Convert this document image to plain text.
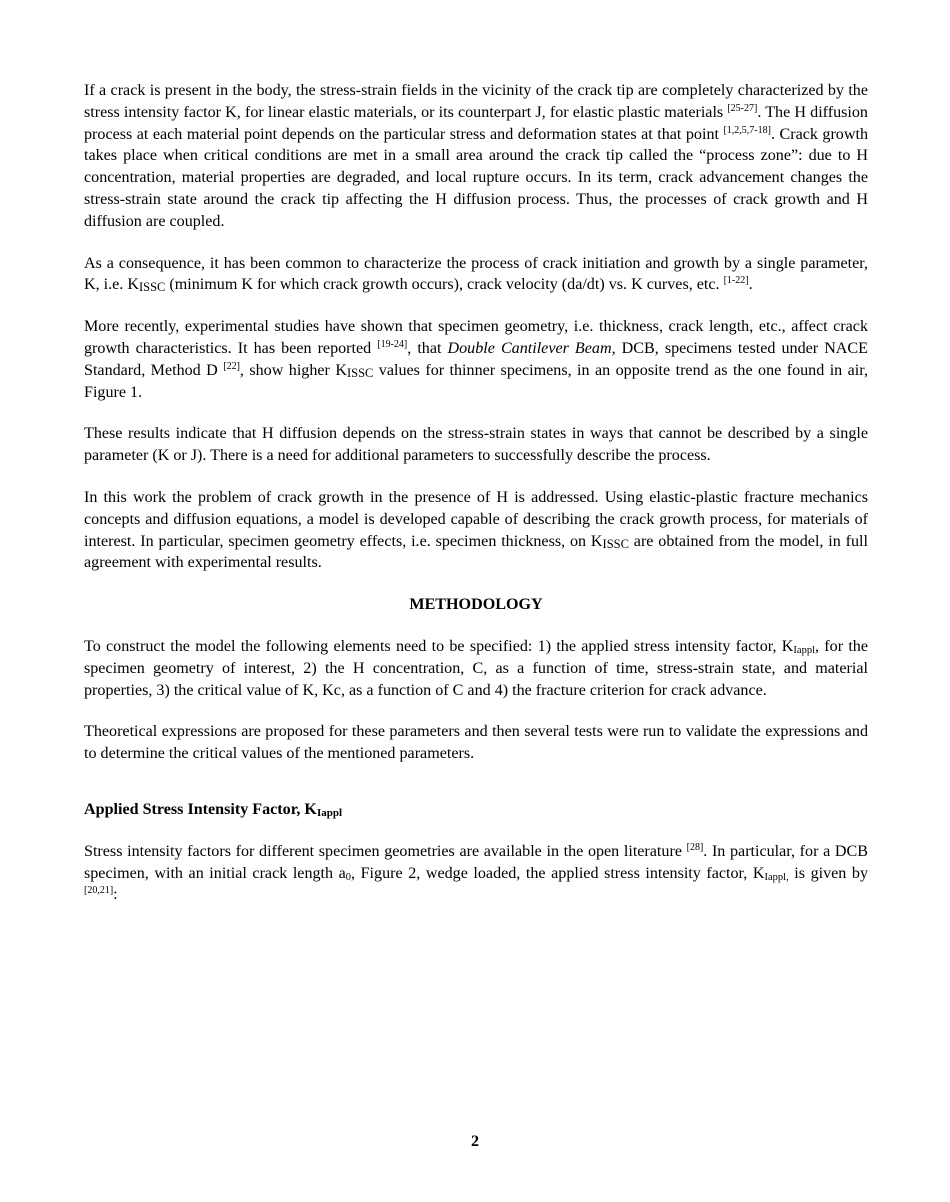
If a crack is present in the body, the stress-strain fields in the vicinity of the crack tip are completely characterized by the stress intensity factor K, for linear elastic materials, or its counterpart J, for elastic plastic materials [25-27]. The H diffusion process at each material point depends on the particular stress and deformation states at that point [1,2,5,7-18]. Crack growth takes place when critical conditions are met in a small area around the crack tip called the “process zone”: due to H concentration, material properties are degraded, and local rupture occurs. In its term, crack advancement changes the stress-strain state around the crack tip affecting the H diffusion process. Thus, the processes of crack growth and H diffusion are coupled.

As a consequence, it has been common to characterize the process of crack initiation and growth by a single parameter, K, i.e. $K_{ISSC}$ (minimum K for which crack growth occurs), crack velocity (da/dt) vs. K curves, etc. [1-22].

More recently, experimental studies have shown that specimen geometry, i.e. thickness, crack length, etc., affect crack growth characteristics. It has been reported [19-24], that Double Cantilever Beam, DCB, specimens tested under NACE Standard, Method D [22], show higher $K_{ISSC}$ values for thinner specimens, in an opposite trend as the one found in air, Figure 1.

These results indicate that H diffusion depends on the stress-strain states in ways that cannot be described by a single parameter (K or J). There is a need for additional parameters to successfully describe the process.

In this work the problem of crack growth in the presence of H is addressed. Using elastic-plastic fracture mechanics concepts and diffusion equations, a model is developed capable of describing the crack growth process, for materials of interest. In particular, specimen geometry effects, i.e. specimen thickness, on $K_{ISSC}$ are obtained from the model, in full agreement with experimental results.

METHODOLOGY

To construct the model the following elements need to be specified: 1) the applied stress intensity factor, $K_{Iappl}$, for the specimen geometry of interest, 2) the H concentration, C, as a function of time, stress-strain state, and material properties, 3) the critical value of K, Kc, as a function of C and 4) the fracture criterion for crack advance.

Theoretical expressions are proposed for these parameters and then several tests were run to validate the expressions and to determine the critical values of the mentioned parameters.

Applied Stress Intensity Factor, $K_{Iappl}$

Stress intensity factors for different specimen geometries are available in the open literature [28]. In particular, for a DCB specimen, with an initial crack length $a_0$, Figure 2, wedge loaded, the applied stress intensity factor, $K_{Iappl,}$ is given by [20,21]:

2
